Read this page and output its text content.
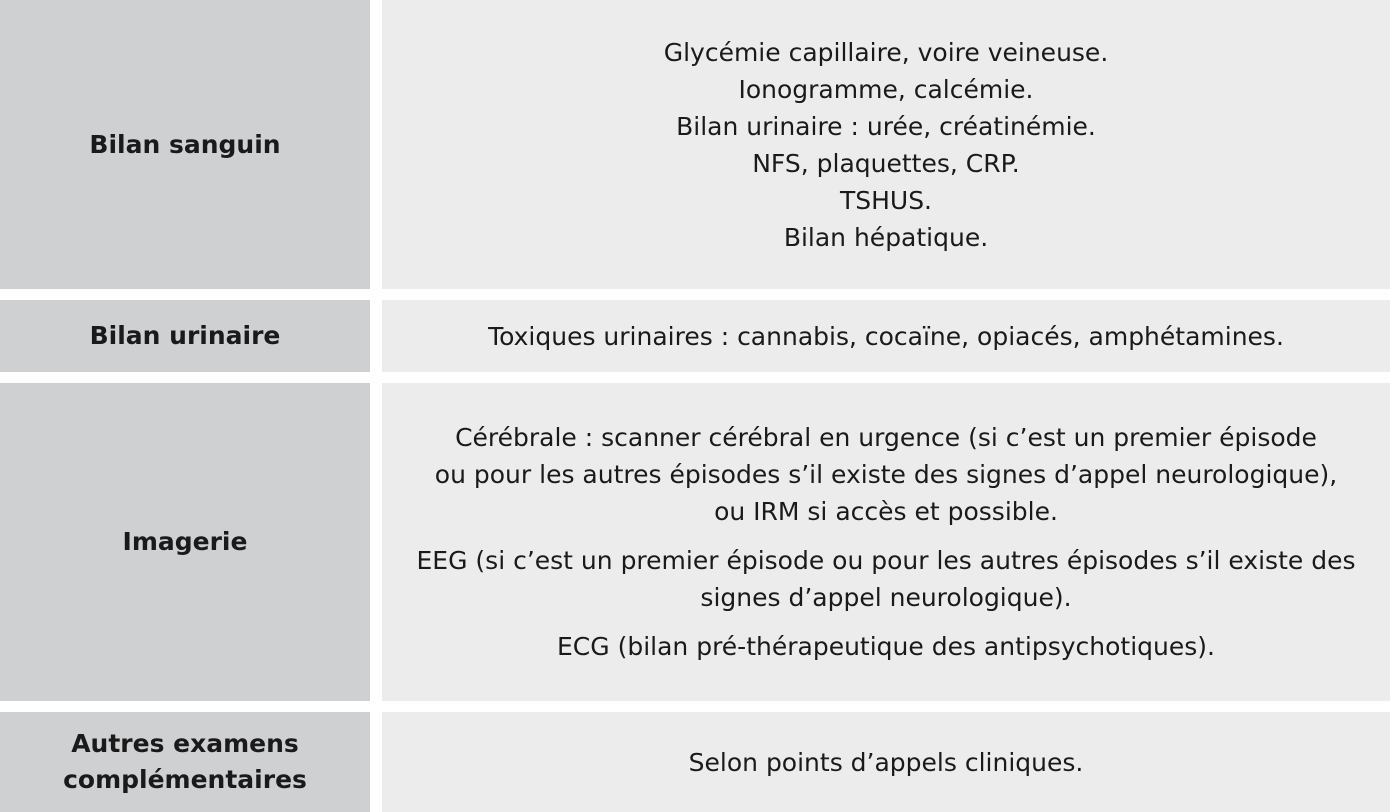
Bilan sanguin
Glycémie capillaire, voire veineuse.
Ionogramme, calcémie.
Bilan urinaire : urée, créatinémie.
NFS, plaquettes, CRP.
TSHUS.
Bilan hépatique.
Bilan urinaire	Toxiques urinaires : cannabis, cocaïne, opiacés, amphétamines.
Imagerie
Cérébrale : scanner cérébral en urgence (si c’est un premier épisode
ou pour les autres épisodes s’il existe des signes d’appel neurologique),
ou IRM si accès et possible.
EEG (si c’est un premier épisode ou pour les autres épisodes s’il existe des
signes d’appel neurologique).
ECG (bilan pré-thérapeutique des antipsychotiques).
Autres examens
complémentaires
Selon points d’appels cliniques.
